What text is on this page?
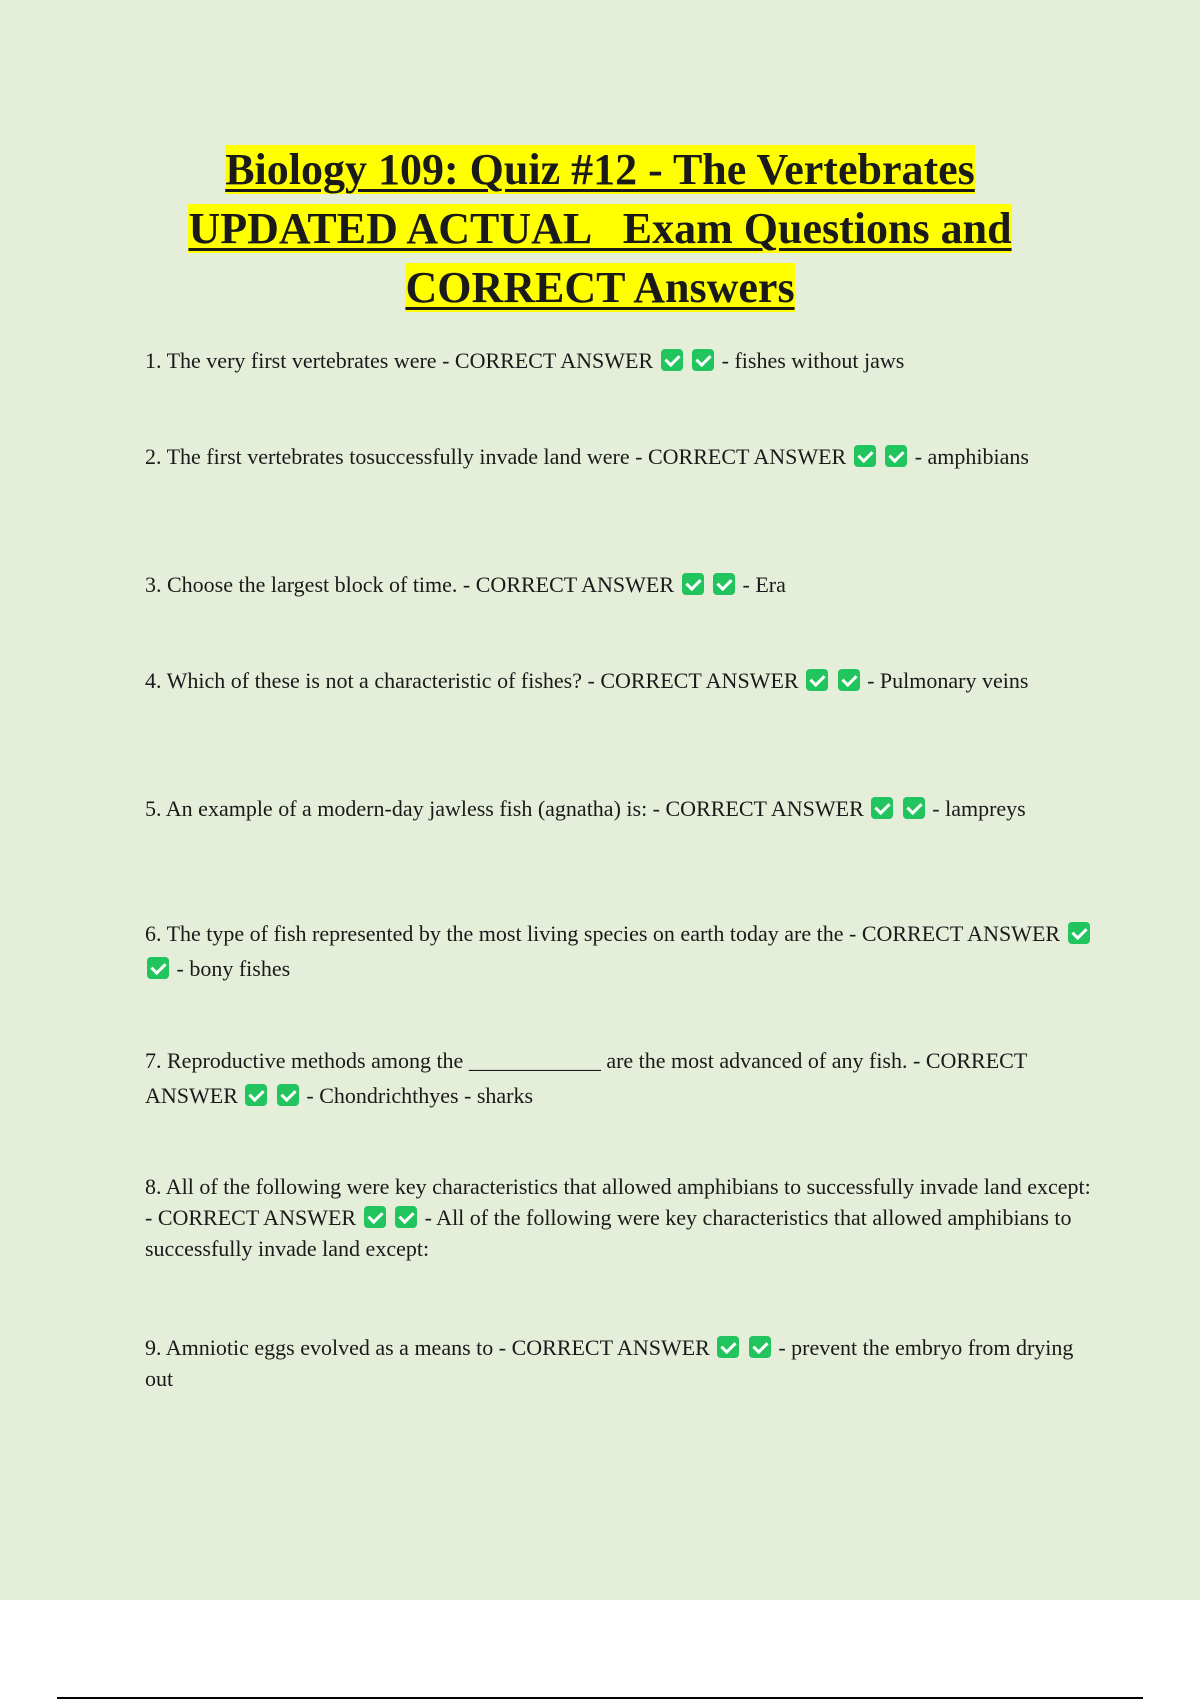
Biology 109: Quiz #12 - The Vertebrates
UPDATED ACTUAL   Exam Questions and
CORRECT Answers

1. The very first vertebrates were - CORRECT ANSWER	- fishes without jaws

2. The first vertebrates tosuccessfully invade land were - CORRECT ANSWER	- amphibians

3. Choose the largest block of time. - CORRECT ANSWER	- Era

4. Which of these is not a characteristic of fishes? - CORRECT ANSWER	- Pulmonary veins

5. An example of a modern-day jawless fish (agnatha) is: - CORRECT ANSWER	- lampreys

6. The type of fish represented by the most living species on earth today are the - CORRECT ANSWER   - bony fishes

7. Reproductive methods among the ____________ are the most advanced of any fish. - CORRECT ANSWER	- Chondrichthyes - sharks

8. All of the following were key characteristics that allowed amphibians to successfully invade land except: - CORRECT ANSWER	- All of the following were key characteristics that allowed amphibians to successfully invade land except:

9. Amniotic eggs evolved as a means to - CORRECT ANSWER	- prevent the embryo from drying out
